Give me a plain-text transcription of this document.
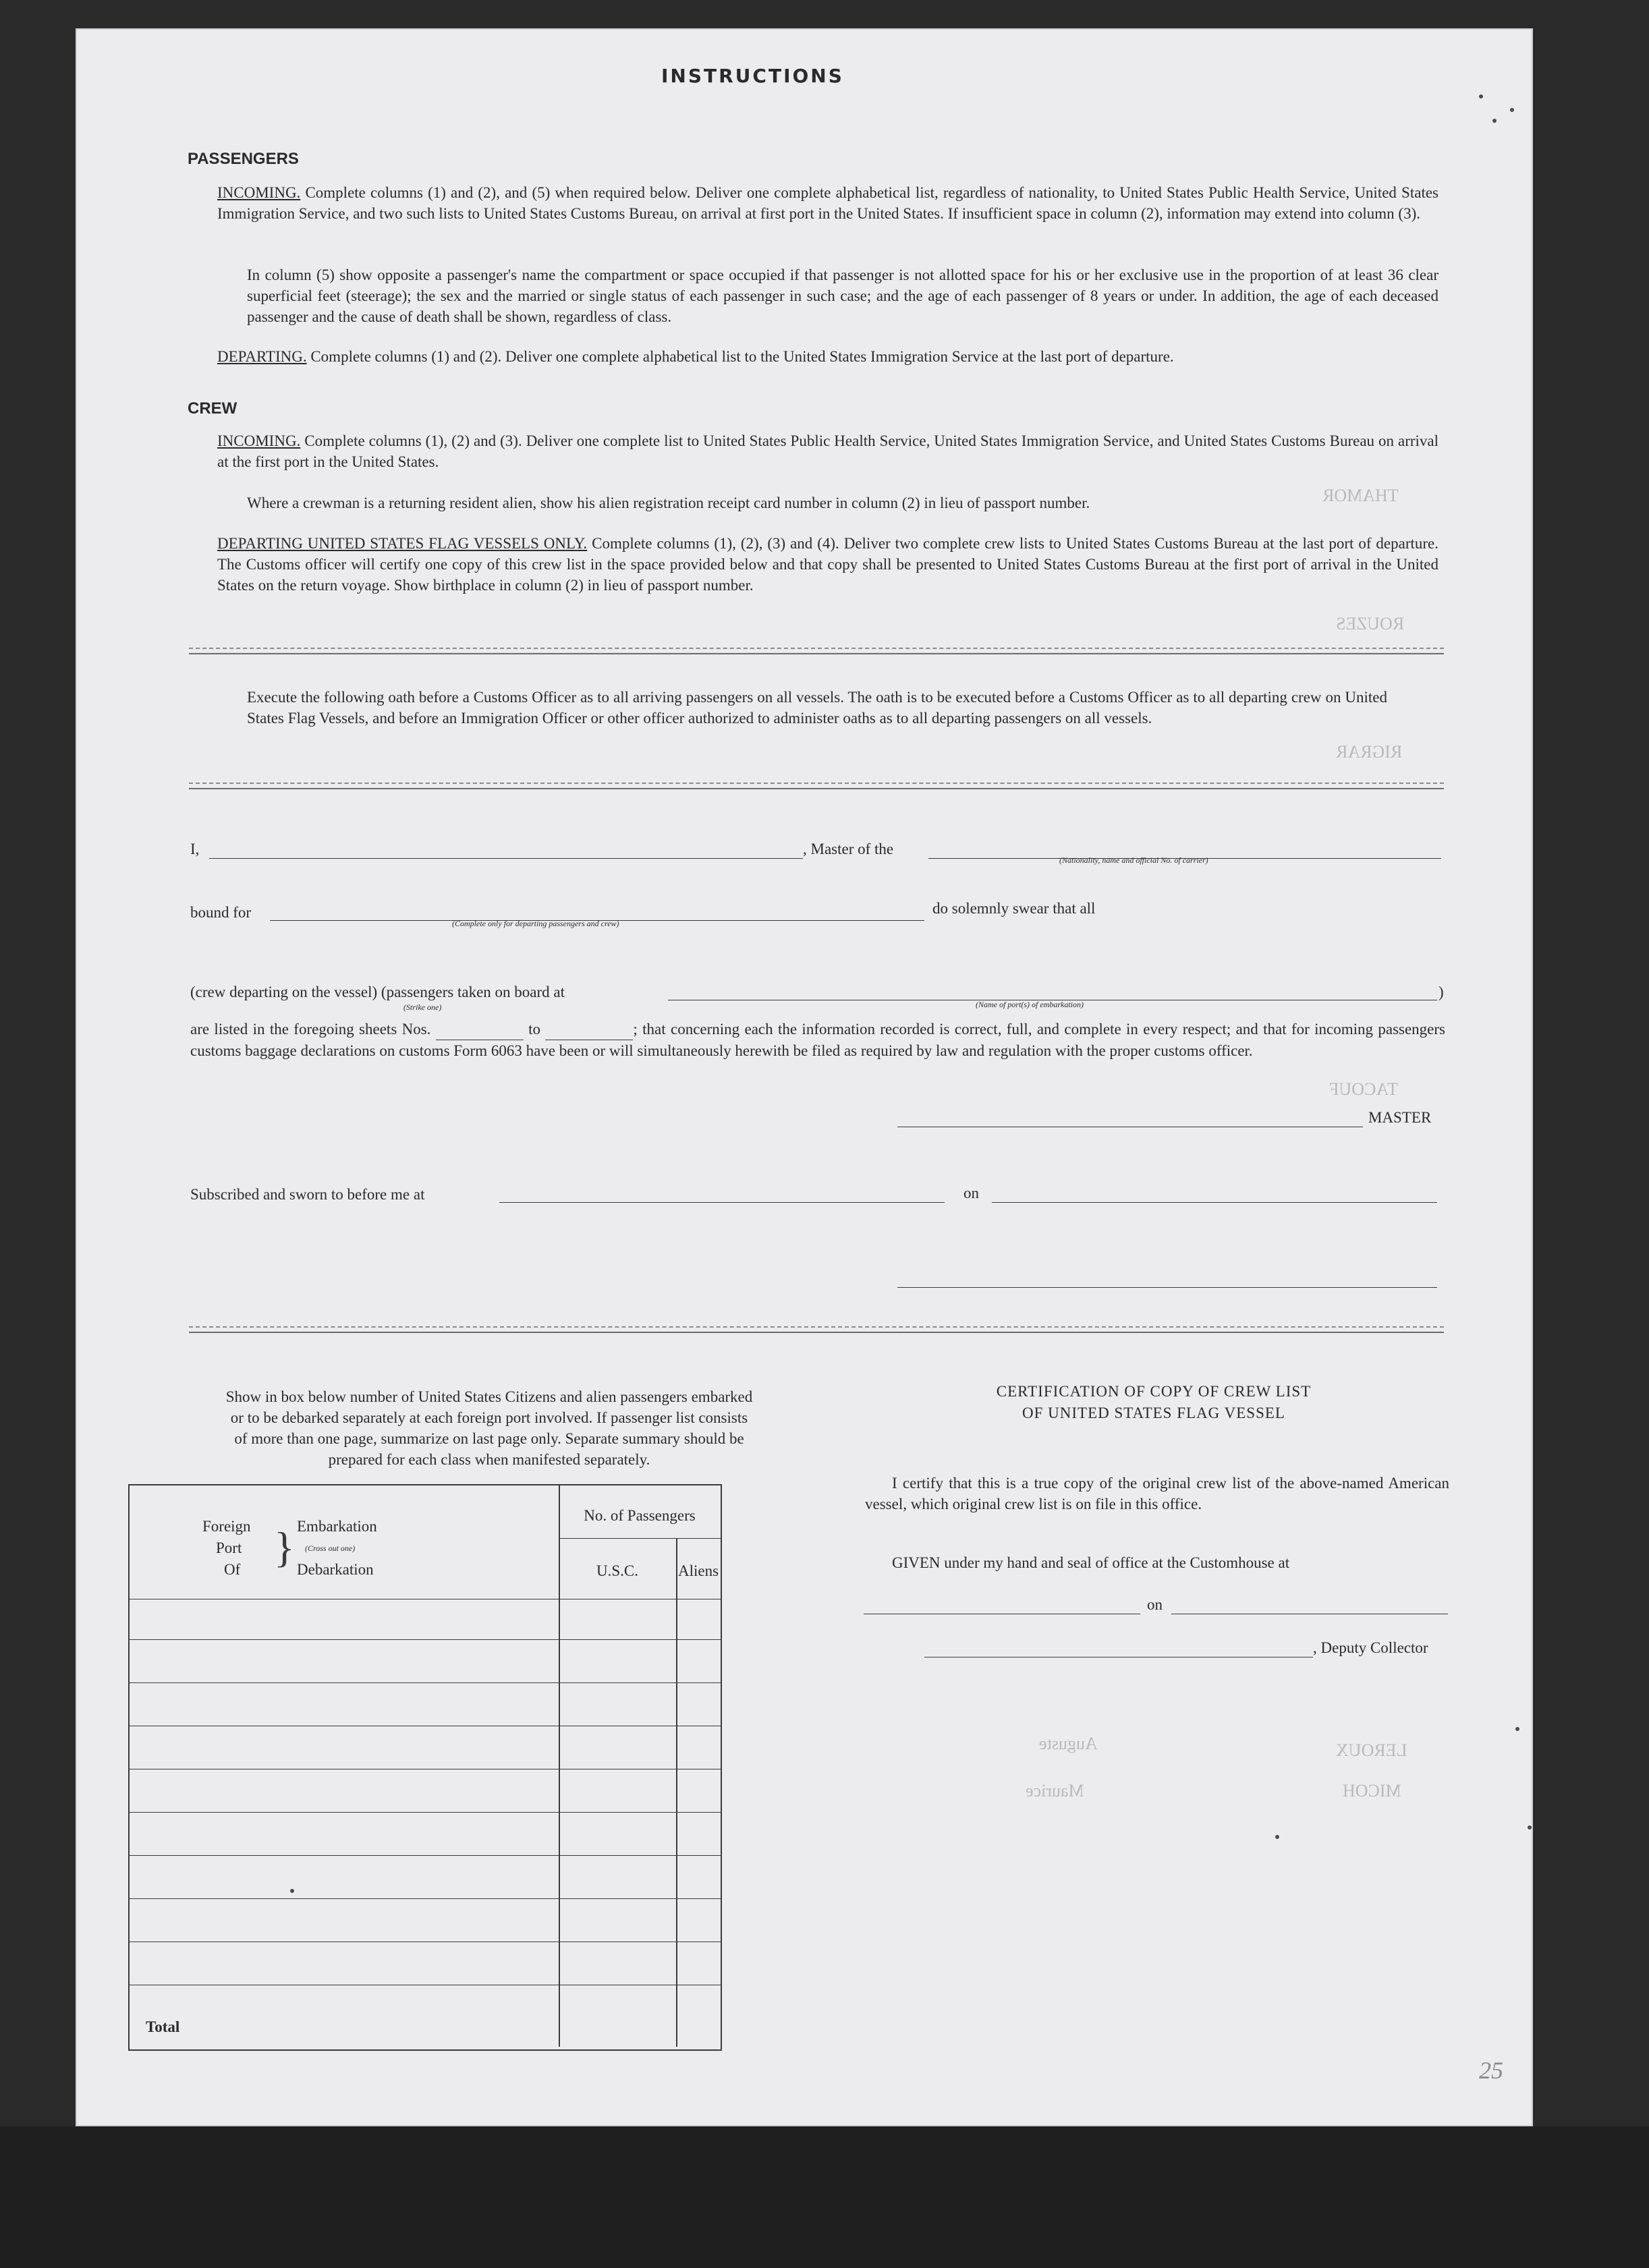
THAMOR
ROUZES
RIGRAR
TACOUF
MICOH
LEROUX
Maurice
Auguste
INSTRUCTIONS
PASSENGERS
INCOMING. Complete columns (1) and (2), and (5) when required below. Deliver one complete alphabetical list, regardless of nationality, to United States Public Health Service, United States Immigration Service, and two such lists to United States Customs Bureau, on arrival at first port in the United States. If insufficient space in column (2), information may extend into column (3).
In column (5) show opposite a passenger's name the compartment or space occupied if that passenger is not allotted space for his or her exclusive use in the proportion of at least 36 clear superficial feet (steerage); the sex and the married or single status of each passenger in such case; and the age of each passenger of 8 years or under. In addition, the age of each deceased passenger and the cause of death shall be shown, regardless of class.
DEPARTING. Complete columns (1) and (2). Deliver one complete alphabetical list to the United States Immigration Service at the last port of departure.
CREW
INCOMING. Complete columns (1), (2) and (3). Deliver one complete list to United States Public Health Service, United States Immigration Service, and United States Customs Bureau on arrival at the first port in the United States.
Where a crewman is a returning resident alien, show his alien registration receipt card number in column (2) in lieu of passport number.
DEPARTING UNITED STATES FLAG VESSELS ONLY. Complete columns (1), (2), (3) and (4). Deliver two complete crew lists to United States Customs Bureau at the last port of departure. The Customs officer will certify one copy of this crew list in the space provided below and that copy shall be presented to United States Customs Bureau at the first port of arrival in the United States on the return voyage. Show birthplace in column (2) in lieu of passport number.
Execute the following oath before a Customs Officer as to all arriving passengers on all vessels. The oath is to be executed before a Customs Officer as to all departing crew on United States Flag Vessels, and before an Immigration Officer or other officer authorized to administer oaths as to all departing passengers on all vessels.
I,	, Master of the
(Nationality, name and official No. of carrier)
bound for
(Complete only for departing passengers and crew)
do solemnly swear that all
(crew departing on the vessel) (passengers taken on board at	)
(Strike one)	(Name of port(s) of embarkation)
are listed in the foregoing sheets Nos.	to	; that concerning each the information recorded is correct, full, and complete in every respect; and that for incoming passengers customs baggage declarations on customs Form 6063 have been or will simultaneously herewith be filed as required by law and regulation with the proper customs officer.
MASTER
Subscribed and sworn to before me at	on
Show in box below number of United States Citizens and alien passengers embarked or to be debarked separately at each foreign port involved. If passenger list consists of more than one page, summarize on last page only. Separate summary should be prepared for each class when manifested separately.
Foreign
Port
Of } Embarkation
(Cross out one)
Debarkation
No. of Passengers
U.S.C.	Aliens
Total
CERTIFICATION OF COPY OF CREW LIST
OF UNITED STATES FLAG VESSEL
I certify that this is a true copy of the original crew list of the above-named American vessel, which original crew list is on file in this office.
GIVEN under my hand and seal of office at the Customhouse at
on
, Deputy Collector
25
